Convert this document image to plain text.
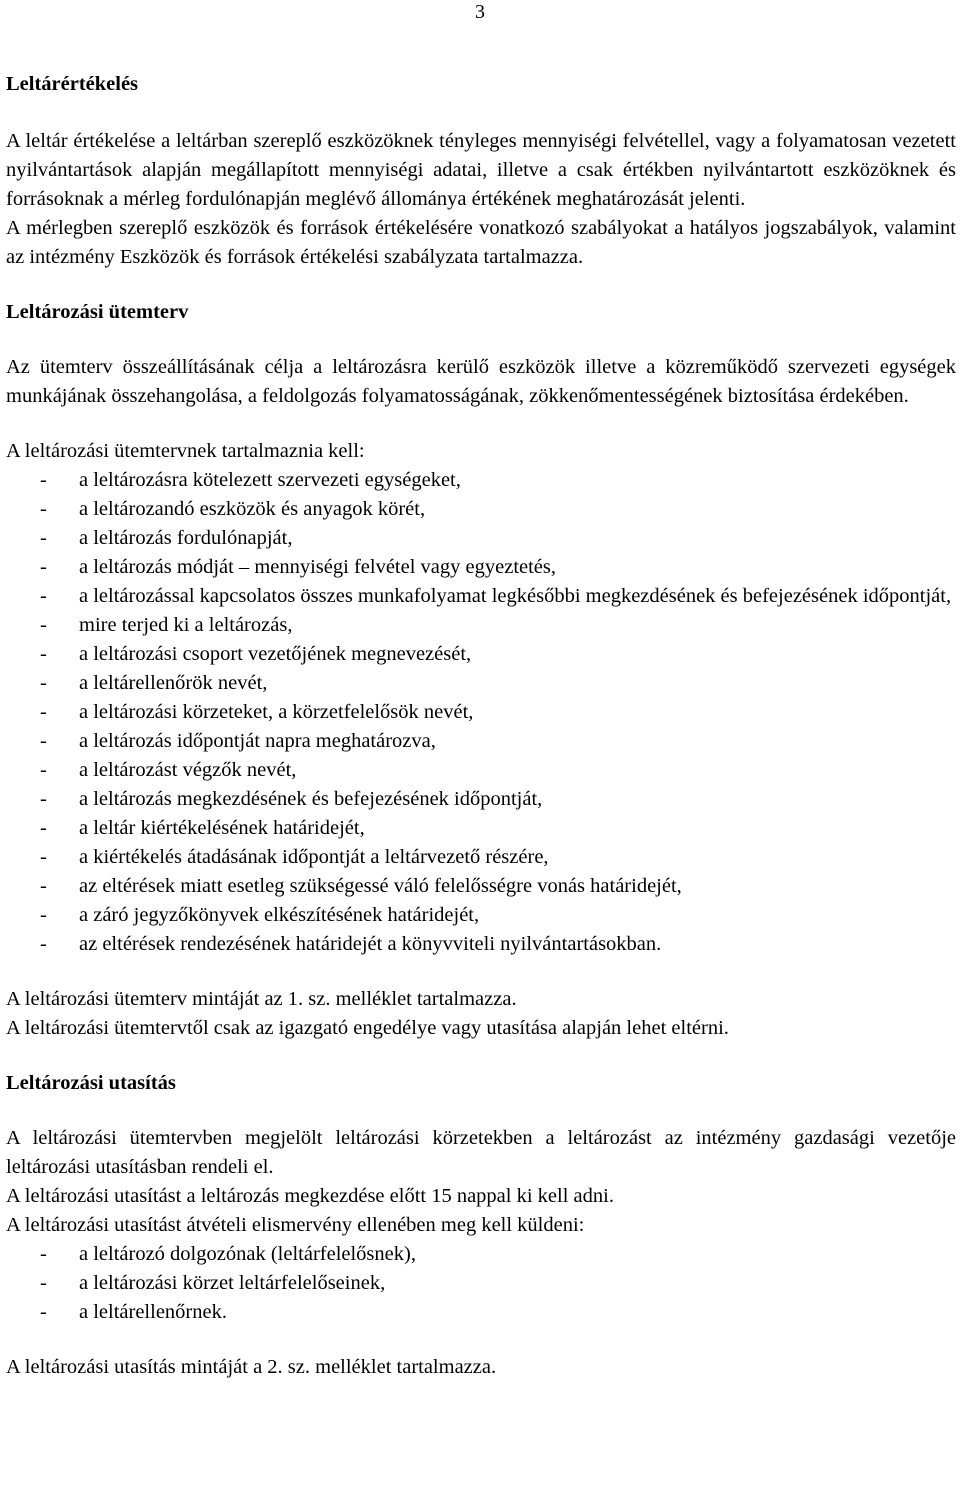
3

Leltárértékelés

A leltár értékelése a leltárban szereplő eszközöknek tényleges mennyiségi felvétellel, vagy a folyamatosan vezetett nyilvántartások alapján megállapított mennyiségi adatai, illetve a csak értékben nyilvántartott eszközöknek és forrásoknak a mérleg fordulónapján meglévő állománya értékének meghatározását jelenti.

A mérlegben szereplő eszközök és források értékelésére vonatkozó szabályokat a hatályos jogszabályok, valamint az intézmény Eszközök és források értékelési szabályzata tartalmazza.

Leltározási ütemterv

Az ütemterv összeállításának célja a leltározásra kerülő eszközök illetve a közreműködő szervezeti egységek munkájának összehangolása, a feldolgozás folyamatosságának, zökkenőmentességének biztosítása érdekében.

A leltározási ütemtervnek tartalmaznia kell:

- a leltározásra kötelezett szervezeti egységeket,
- a leltározandó eszközök és anyagok körét,
- a leltározás fordulónapját,
- a leltározás módját – mennyiségi felvétel vagy egyeztetés,
- a leltározással kapcsolatos összes munkafolyamat legkésőbbi megkezdésének és befejezésének időpontját,
- mire terjed ki a leltározás,
- a leltározási csoport vezetőjének megnevezését,
- a leltárellenőrök nevét,
- a leltározási körzeteket, a körzetfelelősök nevét,
- a leltározás időpontját napra meghatározva,
- a leltározást végzők nevét,
- a leltározás megkezdésének és befejezésének időpontját,
- a leltár kiértékelésének határidejét,
- a kiértékelés átadásának időpontját a leltárvezető részére,
- az eltérések miatt esetleg szükségessé váló felelősségre vonás határidejét,
- a záró jegyzőkönyvek elkészítésének határidejét,
- az eltérések rendezésének határidejét a könyvviteli nyilvántartásokban.

A leltározási ütemterv mintáját az 1. sz. melléklet tartalmazza.

A leltározási ütemtervtől csak az igazgató engedélye vagy utasítása alapján lehet eltérni.

Leltározási utasítás

A leltározási ütemtervben megjelölt leltározási körzetekben a leltározást az intézmény gazdasági vezetője leltározási utasításban rendeli el.

A leltározási utasítást a leltározás megkezdése előtt 15 nappal ki kell adni.

A leltározási utasítást átvételi elismervény ellenében meg kell küldeni:

- a leltározó dolgozónak (leltárfelelősnek),
- a leltározási körzet leltárfelelőseinek,
- a leltárellenőrnek.

A leltározási utasítás mintáját a 2. sz. melléklet tartalmazza.
